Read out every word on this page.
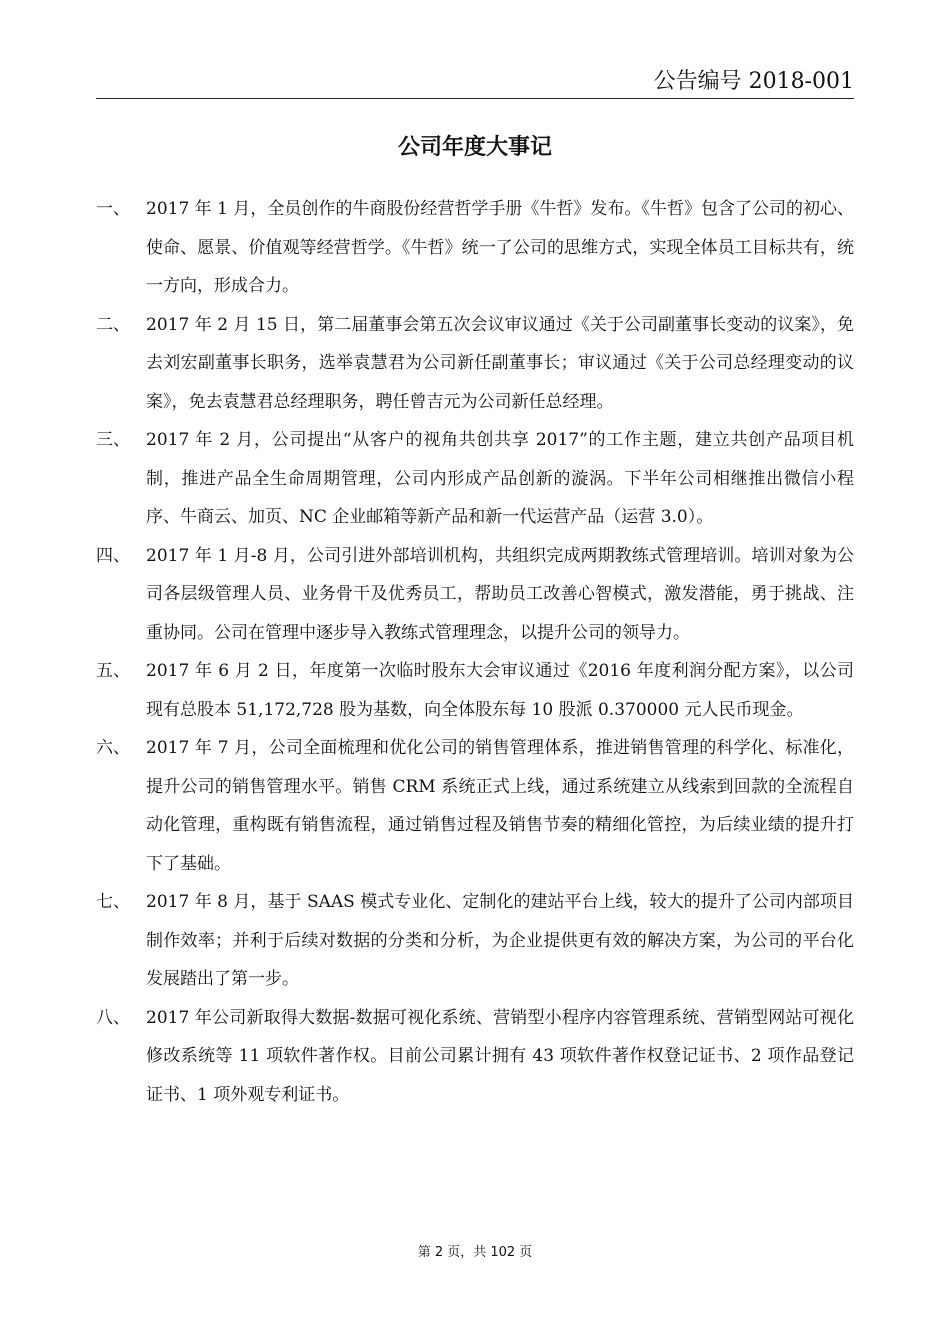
公告编号 2018-001
公司年度大事记
一、 2017 年 1 月，全员创作的牛商股份经营哲学手册《牛哲》发布。《牛哲》包含了公司的初心、使命、愿景、价值观等经营哲学。《牛哲》统一了公司的思维方式，实现全体员工目标共有，统一方向，形成合力。
二、 2017 年 2 月 15 日，第二届董事会第五次会议审议通过《关于公司副董事长变动的议案》，免去刘宏副董事长职务，选举袁慧君为公司新任副董事长；审议通过《关于公司总经理变动的议案》，免去袁慧君总经理职务，聘任曾吉元为公司新任总经理。
三、 2017 年 2 月，公司提出“从客户的视角共创共享 2017”的工作主题，建立共创产品项目机制，推进产品全生命周期管理，公司内形成产品创新的漩涡。下半年公司相继推出微信小程序、牛商云、加页、NC 企业邮箱等新产品和新一代运营产品（运营 3.0）。
四、 2017 年 1 月-8 月，公司引进外部培训机构，共组织完成两期教练式管理培训。培训对象为公司各层级管理人员、业务骨干及优秀员工，帮助员工改善心智模式，激发潜能，勇于挑战、注重协同。公司在管理中逐步导入教练式管理理念，以提升公司的领导力。
五、 2017 年 6 月 2 日，年度第一次临时股东大会审议通过《2016 年度利润分配方案》，以公司现有总股本 51,172,728 股为基数，向全体股东每 10 股派 0.370000 元人民币现金。
六、 2017 年 7 月，公司全面梳理和优化公司的销售管理体系，推进销售管理的科学化、标准化，提升公司的销售管理水平。销售 CRM 系统正式上线，通过系统建立从线索到回款的全流程自动化管理，重构既有销售流程，通过销售过程及销售节奏的精细化管控，为后续业绩的提升打下了基础。
七、 2017 年 8 月，基于 SAAS 模式专业化、定制化的建站平台上线，较大的提升了公司内部项目制作效率；并利于后续对数据的分类和分析，为企业提供更有效的解决方案，为公司的平台化发展踏出了第一步。
八、 2017 年公司新取得大数据-数据可视化系统、营销型小程序内容管理系统、营销型网站可视化修改系统等 11 项软件著作权。目前公司累计拥有 43 项软件著作权登记证书、2 项作品登记证书、1 项外观专利证书。
第 2 页，共 102 页
